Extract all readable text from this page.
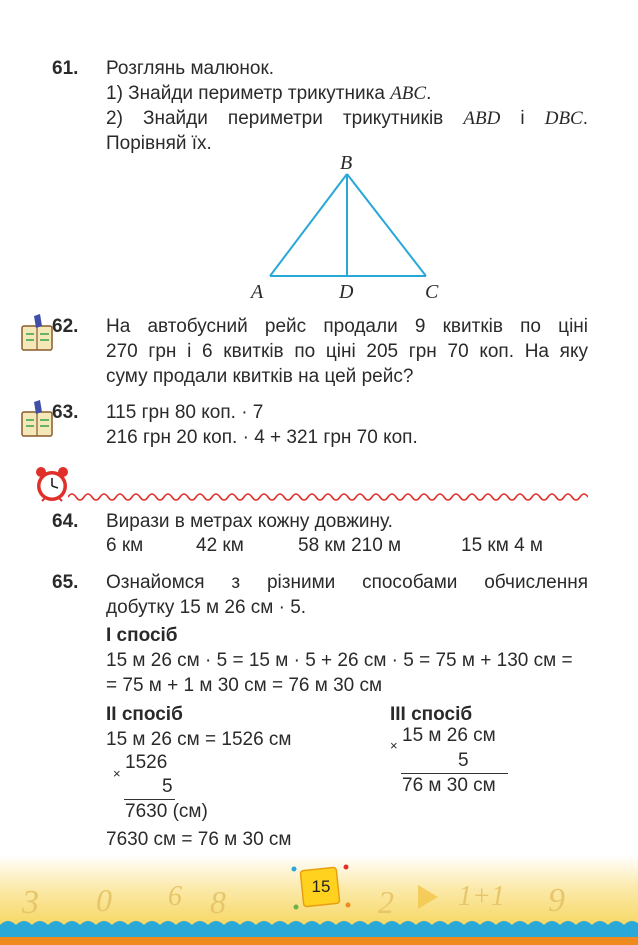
61. Розглянь малюнок.
1) Знайди периметр трикутника ABC.
2) Знайди периметри трикутників ABD і DBC.
Порівняй їх.
B
A	D	C
62. На автобусний рейс продали 9 квитків по ціні
270 грн і 6 квитків по ціні 205 грн 70 коп. На яку
суму продали квитків на цей рейс?
63. 115 грн 80 коп. · 7
216 грн 20 коп. · 4 + 321 грн 70 коп.
64. Вирази в метрах кожну довжину.
6 км	42 км	58 км 210 м	15 км 4 м
65. Ознайомся з різними способами обчислення
добутку 15 м 26 см · 5.
І спосіб
15 м 26 см · 5 = 15 м · 5 + 26 см · 5 = 75 м + 130 см =
= 75 м + 1 м 30 см = 76 м 30 см
ІІ спосіб
15 м 26 см = 1526 см
×
1526
5
7630 (см)
7630 см = 76 м 30 см
ІІІ спосіб
× 15 м 26 см
5
76 м 30 см
3 0 6 8	2 1+1 9
15
